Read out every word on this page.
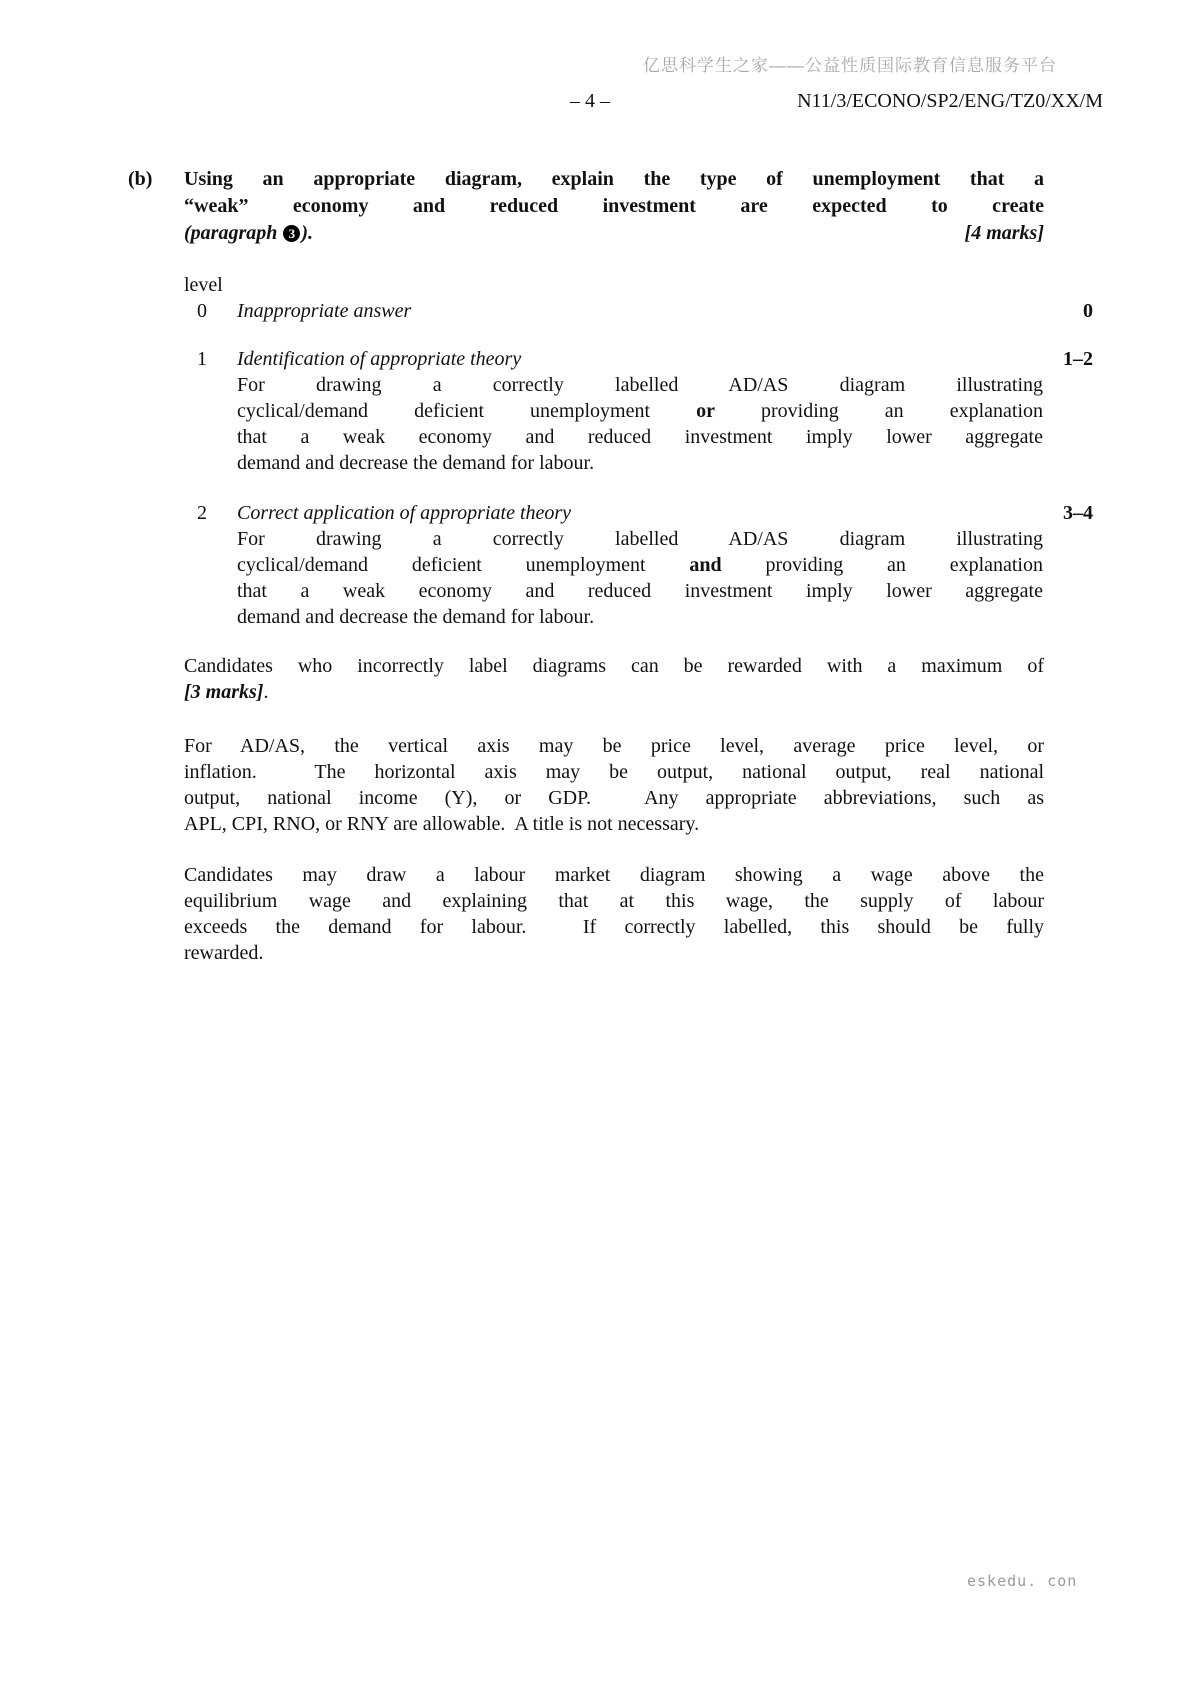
亿思科学生之家——公益性质国际教育信息服务平台
– 4 –	N11/3/ECONO/SP2/ENG/TZ0/XX/M
(b) Using an appropriate diagram, explain the type of unemployment that a
“weak” economy and reduced investment are expected to create
(paragraph 3 ).	[4 marks]
level
0 Inappropriate answer	0
1 Identification of appropriate theory	1–2
For drawing a correctly labelled AD/AS diagram illustrating
cyclical/demand deficient unemployment or providing an explanation
that a weak economy and reduced investment imply lower aggregate
demand and decrease the demand for labour.
2 Correct application of appropriate theory	3–4
For drawing a correctly labelled AD/AS diagram illustrating
cyclical/demand deficient unemployment and providing an explanation
that a weak economy and reduced investment imply lower aggregate
demand and decrease the demand for labour.
Candidates who incorrectly label diagrams can be rewarded with a maximum of
[3 marks].
For AD/AS, the vertical axis may be price level, average price level, or
inflation.  The horizontal axis may be output, national output, real national
output, national income (Y), or GDP.  Any appropriate abbreviations, such as
APL, CPI, RNO, or RNY are allowable.  A title is not necessary.
Candidates may draw a labour market diagram showing a wage above the
equilibrium wage and explaining that at this wage, the supply of labour
exceeds the demand for labour.  If correctly labelled, this should be fully
rewarded.
eskedu. con
